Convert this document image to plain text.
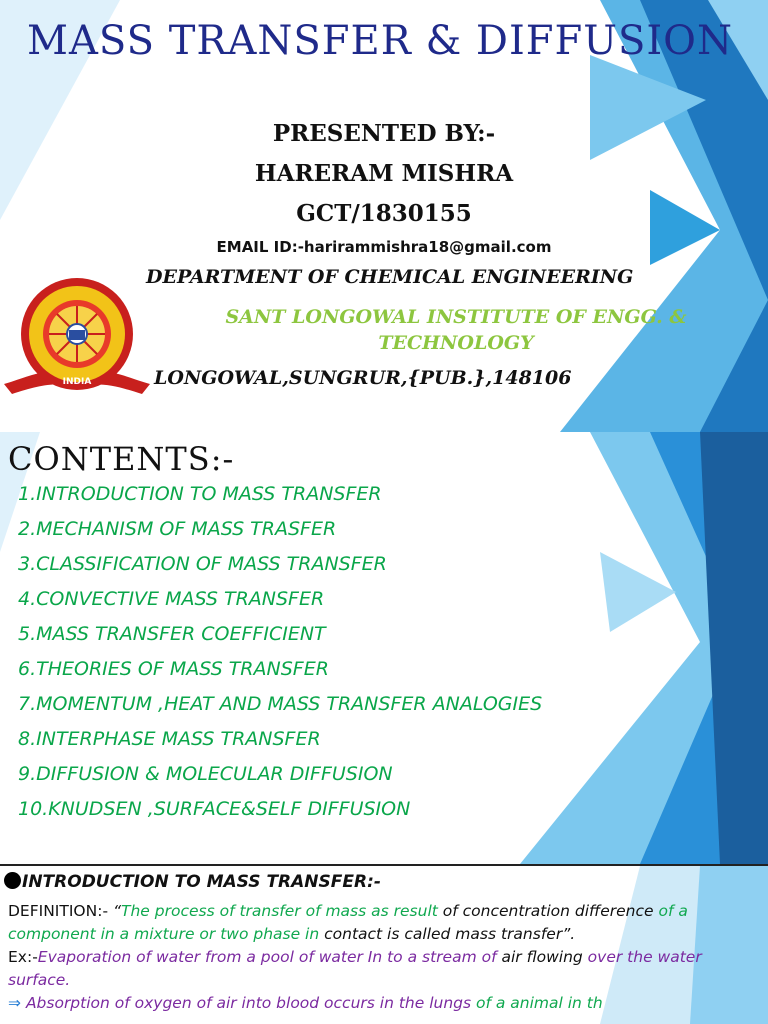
MASS TRANSFER & DIFFUSION
PRESENTED BY:-
HARERAM MISHRA
GCT/1830155
EMAIL ID:-harirammishra18@gmail.com
INDIA
DEPARTMENT OF CHEMICAL ENGINEERING
SANT LONGOWAL INSTITUTE OF ENGG. & TECHNOLOGY
LONGOWAL,SUNGRUR,{PUB.},148106
CONTENTS:-
1.INTRODUCTION TO MASS TRANSFER
2.MECHANISM OF MASS TRASFER
3.CLASSIFICATION OF MASS TRANSFER
4.CONVECTIVE MASS TRANSFER
5.MASS TRANSFER COEFFICIENT
6.THEORIES OF MASS TRANSFER
7.MOMENTUM ,HEAT AND MASS TRANSFER ANALOGIES
8.INTERPHASE MASS TRANSFER
9.DIFFUSION & MOLECULAR DIFFUSION
10.KNUDSEN ,SURFACE&SELF DIFFUSION
INTRODUCTION TO MASS TRANSFER:-
DEFINITION:- “The process of transfer of mass as result of concentration difference of a component in a mixture or two phase in contact is called mass transfer”.
Ex:-Evaporation of water from a pool of water In to a stream of air flowing over the water surface.
⇒ Absorption of oxygen of air into blood occurs in the lungs of a animal in th
